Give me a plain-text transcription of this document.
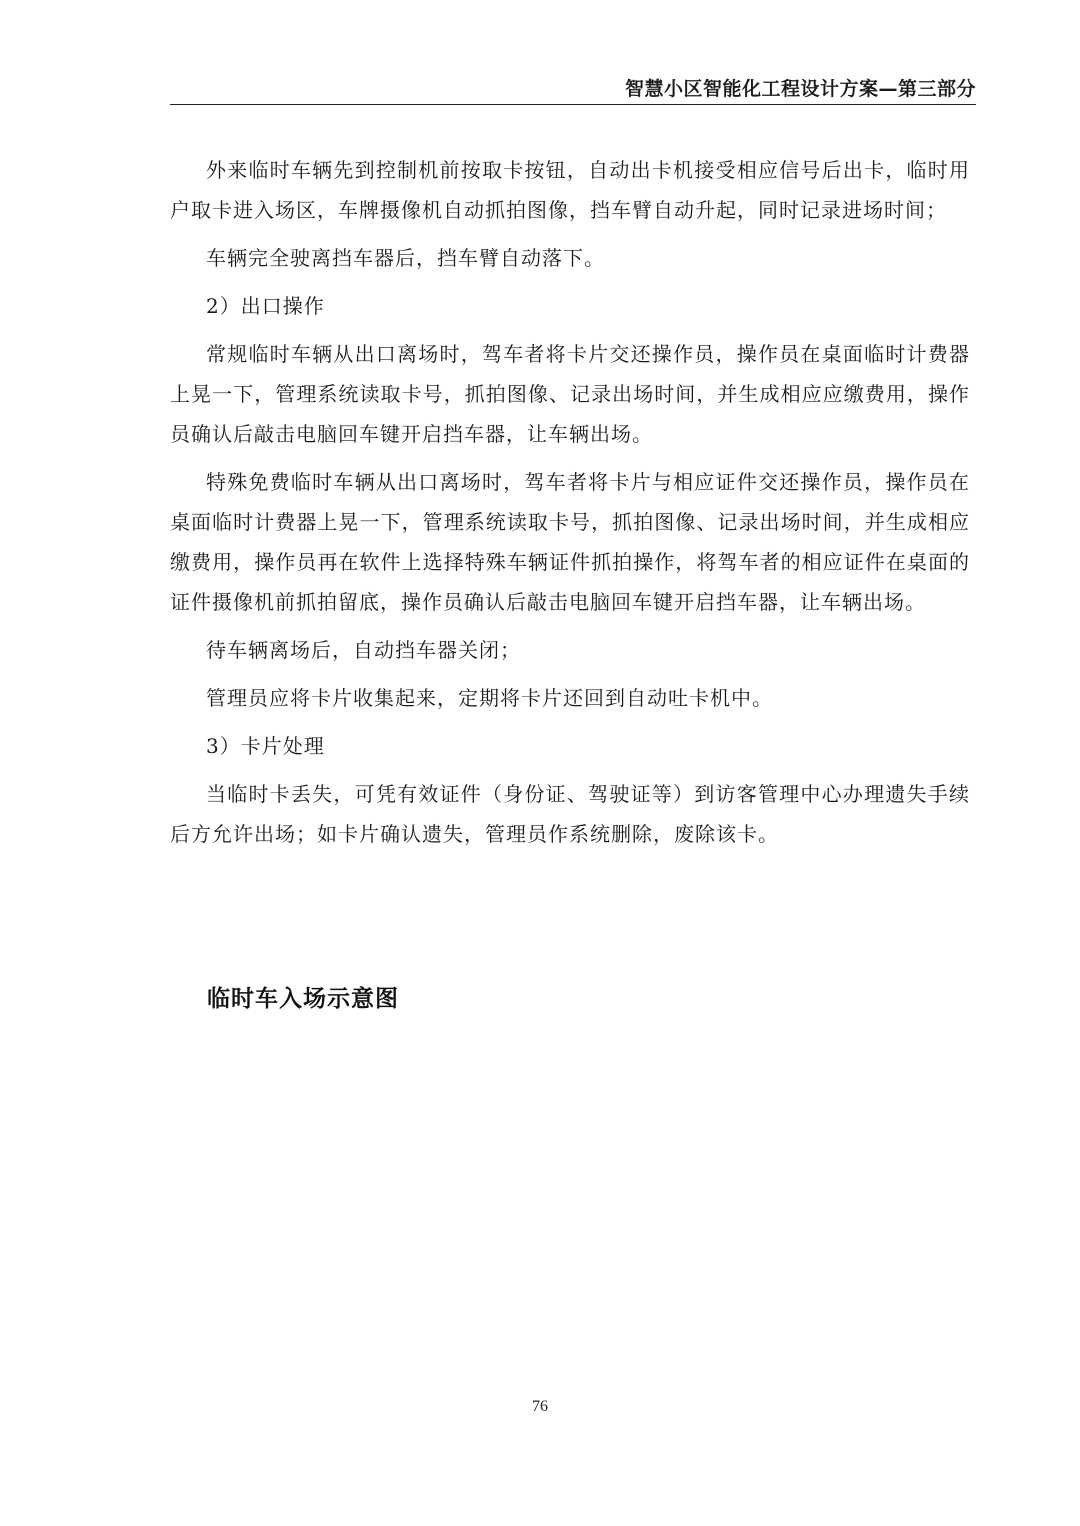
智慧小区智能化工程设计方案—第三部分

外来临时车辆先到控制机前按取卡按钮，自动出卡机接受相应信号后出卡，临时用户取卡进入场区，车牌摄像机自动抓拍图像，挡车臂自动升起，同时记录进场时间；

车辆完全驶离挡车器后，挡车臂自动落下。

2）出口操作

常规临时车辆从出口离场时，驾车者将卡片交还操作员，操作员在桌面临时计费器上晃一下，管理系统读取卡号，抓拍图像、记录出场时间，并生成相应应缴费用，操作员确认后敲击电脑回车键开启挡车器，让车辆出场。

特殊免费临时车辆从出口离场时，驾车者将卡片与相应证件交还操作员，操作员在桌面临时计费器上晃一下，管理系统读取卡号，抓拍图像、记录出场时间，并生成相应缴费用，操作员再在软件上选择特殊车辆证件抓拍操作，将驾车者的相应证件在桌面的证件摄像机前抓拍留底，操作员确认后敲击电脑回车键开启挡车器，让车辆出场。

待车辆离场后，自动挡车器关闭；

管理员应将卡片收集起来，定期将卡片还回到自动吐卡机中。

3）卡片处理

当临时卡丢失，可凭有效证件（身份证、驾驶证等）到访客管理中心办理遗失手续后方允许出场；如卡片确认遗失，管理员作系统删除，废除该卡。

临时车入场示意图
76
